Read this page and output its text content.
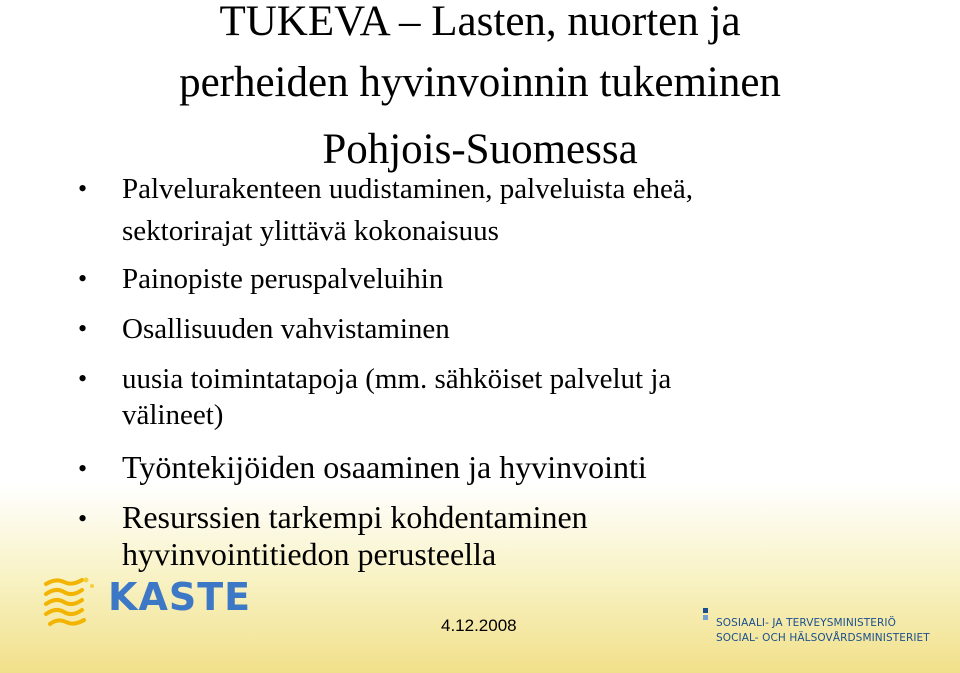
TUKEVA – Lasten, nuorten ja
perheiden hyvinvoinnin tukeminen
Pohjois-Suomessa
• Palvelurakenteen uudistaminen, palveluista eheä,
sektorirajat ylittävä kokonaisuus
• Painopiste peruspalveluihin
• Osallisuuden vahvistaminen
• uusia toimintatapoja (mm. sähköiset palvelut ja
välineet)
• Työntekijöiden osaaminen ja hyvinvointi
• Resurssien tarkempi kohdentaminen
hyvinvointitiedon perusteella
KASTE
4.12.2008	SOSIAALI- JA TERVEYSMINISTERIÖ
SOCIAL- OCH HÄLSOVÅRDSMINISTERIET
